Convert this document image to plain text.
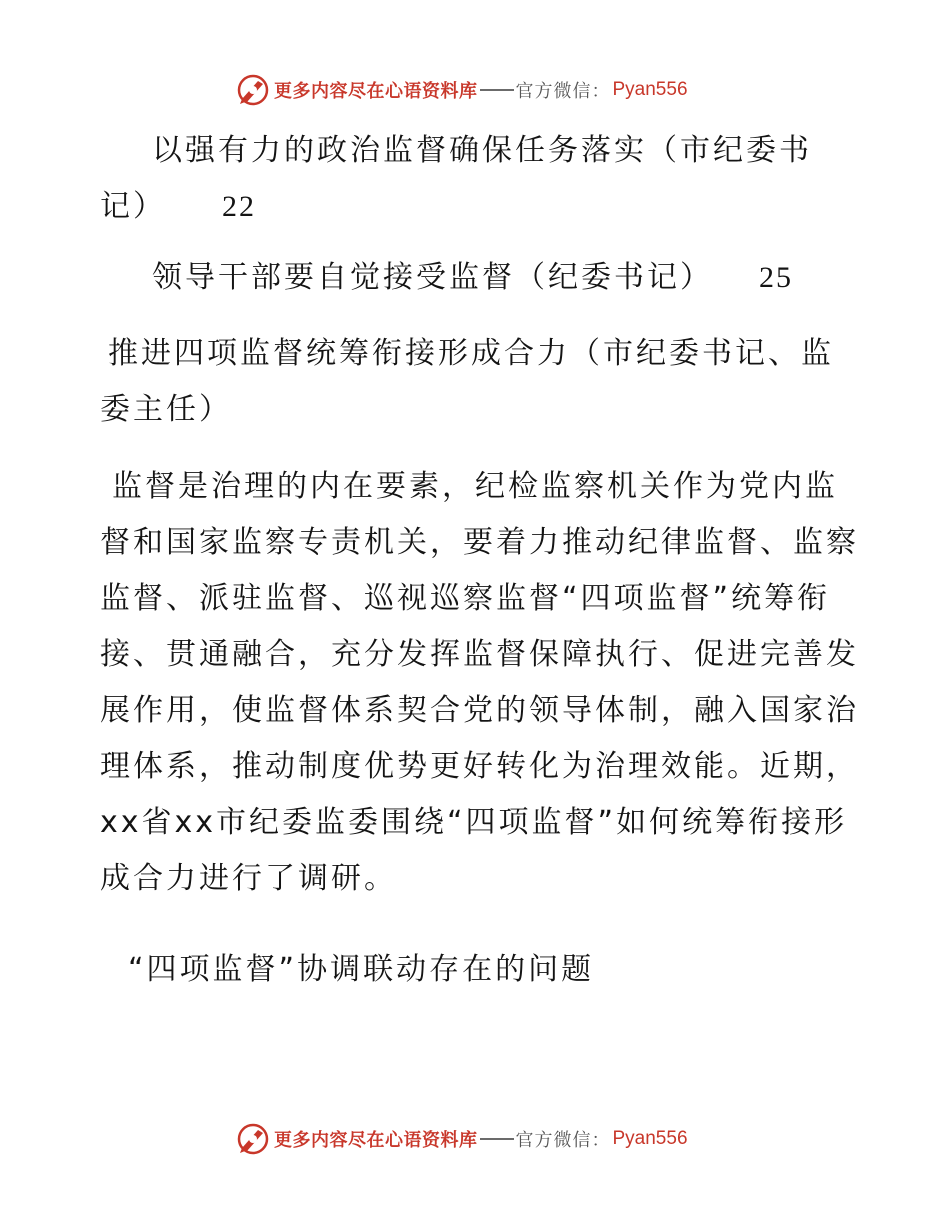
更多内容尽在心语资料库 官方微信： Pyan556

以强有力的政治监督确保任务落实（市纪委书记） 22

领导干部要自觉接受监督（纪委书记） 25

推进四项监督统筹衔接形成合力（市纪委书记、监委主任）

监督是治理的内在要素，纪检监察机关作为党内监督和国家监察专责机关，要着力推动纪律监督、监察监督、派驻监督、巡视巡察监督“四项监督”统筹衔接、贯通融合，充分发挥监督保障执行、促进完善发展作用，使监督体系契合党的领导体制，融入国家治理体系，推动制度优势更好转化为治理效能。近期，xx省xx市纪委监委围绕“四项监督”如何统筹衔接形成合力进行了调研。

“四项监督”协调联动存在的问题

更多内容尽在心语资料库 官方微信： Pyan556
